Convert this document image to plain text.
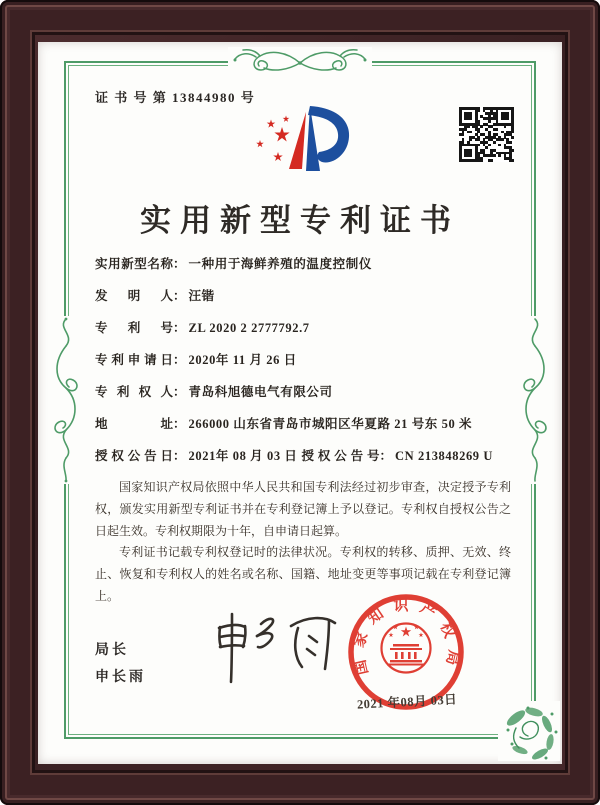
证 书 号 第 13844980 号
实用新型专利证书
实用新型名称 ： 一种用于海鲜养殖的温度控制仪
发明人 ： 汪锴
专利号 ： ZL 2020 2 2777792.7
专利申请日 ： 2020年 11 月 26 日
专利权人 ： 青岛科旭德电气有限公司
地址 ： 266000 山东省青岛市城阳区华夏路 21 号东 50 米
授权公告日 ： 2021年 08 月 03 日 授权公告号 ： CN 213848269 U

国家知识产权局依照中华人民共和国专利法经过初步审查，决定授予专利权，颁发实用新型专利证书并在专利登记簿上予以登记。专利权自授权公告之日起生效。专利权期限为十年，自申请日起算。

专利证书记载专利权登记时的法律状况。专利权的转移、质押、无效、终止、恢复和专利权人的姓名或名称、国籍、地址变更等事项记载在专利登记簿上。

局长
申长雨	国家知识产权局
2021 年08月 03日
